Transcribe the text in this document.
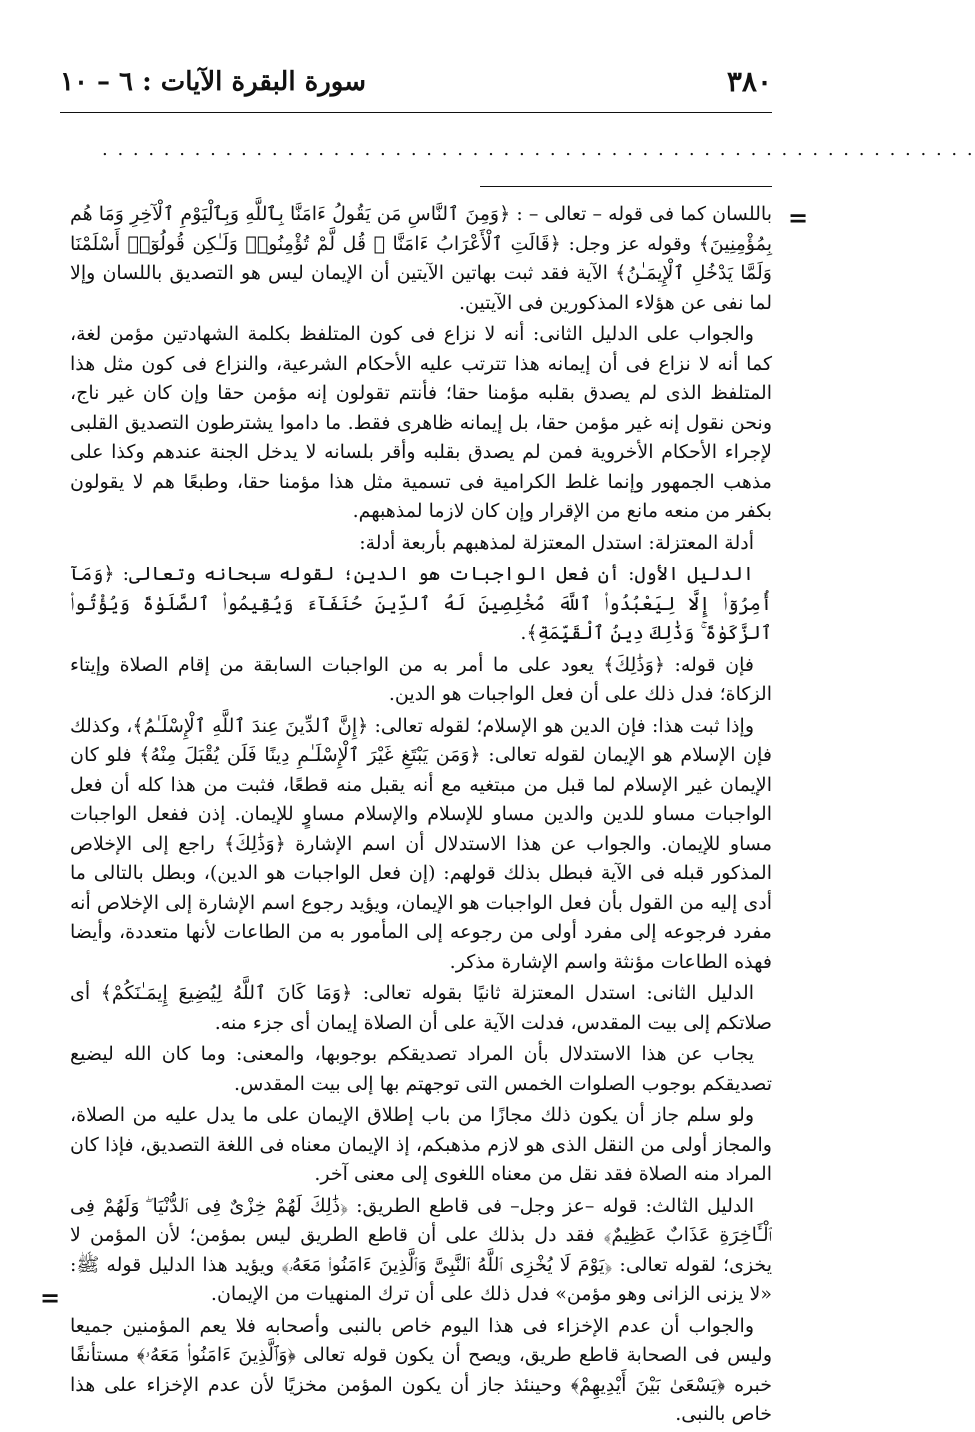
٣٨٠
سورة البقرة الآيات : ٦ – ١٠
. . . . . . . . . . . . . . . . . . . . . . . . . . . . . . . . . . . . . . . . . . . . . . . . . . . . . . . . .
=

باللسان كما فى قوله – تعالى – : ﴿وَمِنَ ٱلنَّاسِ مَن يَقُولُ ءَامَنَّا بِٱللَّهِ وَبِٱلْيَوْمِ ٱلْآخِرِ وَمَا هُم بِمُؤْمِنِينَ﴾ وقوله عز وجل: ﴿قَالَتِ ٱلْأَعْرَابُ ءَامَنَّا ۖ قُل لَّمْ تُؤْمِنُوا۟ وَلَـٰكِن قُولُوٓا۟ أَسْلَمْنَا وَلَمَّا يَدْخُلِ ٱلْإِيمَـٰنُ﴾ الآية فقد ثبت بهاتين الآيتين أن الإيمان ليس هو التصديق باللسان وإلا لما نفى عن هؤلاء المذكورين فى الآيتين.

والجواب على الدليل الثانى: أنه لا نزاع فى كون المتلفظ بكلمة الشهادتين مؤمن لغة، كما أنه لا نزاع فى أن إيمانه هذا تترتب عليه الأحكام الشرعية، والنزاع فى كون مثل هذا المتلفظ الذى لم يصدق بقلبه مؤمنا حقا؛ فأنتم تقولون إنه مؤمن حقا وإن كان غير ناج، ونحن نقول إنه غير مؤمن حقا، بل إيمانه ظاهرى فقط. ما داموا يشترطون التصديق القلبى لإجراء الأحكام الأخروية فمن لم يصدق بقلبه وأقر بلسانه لا يدخل الجنة عندهم وكذا على مذهب الجمهور وإنما غلط الكرامية فى تسمية مثل هذا مؤمنا حقا، وطبعًا هم لا يقولون بكفر من منعه مانع من الإقرار وإن كان لازما لمذهبهم.

أدلة المعتزلة: استدل المعتزلة لمذهبهم بأربعة أدلة:

الدليل الأول: أن فعل الواجبات هو الدين؛ لقوله سبحانه وتعالى: ﴿وَمَآ أُمِرُوٓا۟ إِلَّا لِيَعْبُدُوا۟ ٱللَّهَ مُخْلِصِينَ لَهُ ٱلدِّينَ حُنَفَآءَ وَيُقِيمُوا۟ ٱلصَّلَوٰةَ وَيُؤْتُوا۟ ٱلزَّكَوٰةَ ۚ وَذَٰلِكَ دِينُ ٱلْقَيِّمَةِ﴾.

فإن قوله: ﴿وَذَٰلِكَ﴾ يعود على ما أمر به من الواجبات السابقة من إقام الصلاة وإيتاء الزكاة؛ فدل ذلك على أن فعل الواجبات هو الدين.

وإذا ثبت هذا: فإن الدين هو الإسلام؛ لقوله تعالى: ﴿إِنَّ ٱلدِّينَ عِندَ ٱللَّهِ ٱلْإِسْلَـٰمُ﴾، وكذلك فإن الإسلام هو الإيمان لقوله تعالى: ﴿وَمَن يَبْتَغِ غَيْرَ ٱلْإِسْلَـٰمِ دِينًا فَلَن يُقْبَلَ مِنْهُ﴾ فلو كان الإيمان غير الإسلام لما قبل من مبتغيه مع أنه يقبل منه قطعًا، فثبت من هذا كله أن فعل الواجبات مساو للدين والدين مساو للإسلام والإسلام مساوٍ للإيمان. إذن ففعل الواجبات مساو للإيمان. والجواب عن هذا الاستدلال أن اسم الإشارة ﴿وَذَٰلِكَ﴾ راجع إلى الإخلاص المذكور قبله فى الآية فبطل بذلك قولهم: (إن فعل الواجبات هو الدين)، وبطل بالتالى ما أدى إليه من القول بأن فعل الواجبات هو الإيمان، ويؤيد رجوع اسم الإشارة إلى الإخلاص أنه مفرد فرجوعه إلى مفرد أولى من رجوعه إلى المأمور به من الطاعات لأنها متعددة، وأيضا فهذه الطاعات مؤنثة واسم الإشارة مذكر.

الدليل الثانى: استدل المعتزلة ثانيًا بقوله تعالى: ﴿وَمَا كَانَ ٱللَّهُ لِيُضِيعَ إِيمَـٰنَكُمْ﴾ أى صلاتكم إلى بيت المقدس، فدلت الآية على أن الصلاة إيمان أى جزء منه.

يجاب عن هذا الاستدلال بأن المراد تصديقكم بوجوبها، والمعنى: وما كان الله ليضيع تصديقكم بوجوب الصلوات الخمس التى توجهتم بها إلى بيت المقدس.

ولو سلم جاز أن يكون ذلك مجازًا من باب إطلاق الإيمان على ما يدل عليه من الصلاة، والمجاز أولى من النقل الذى هو لازم مذهبكم، إذ الإيمان معناه فى اللغة التصديق، فإذا كان المراد منه الصلاة فقد نقل من معناه اللغوى إلى معنى آخر.

الدليل الثالث: قوله –عز وجل– فى قاطع الطريق: ﴿ذَٰلِكَ لَهُمْ خِزْىٌ فِى ٱلدُّنْيَا ۖ وَلَهُمْ فِى ٱلْـَٔاخِرَةِ عَذَابٌ عَظِيمٌ﴾ فقد دل بذلك على أن قاطع الطريق ليس بمؤمن؛ لأن المؤمن لا يخزى؛ لقوله تعالى: ﴿يَوْمَ لَا يُخْزِى ٱللَّهُ ٱلنَّبِىَّ وَٱلَّذِينَ ءَامَنُوا۟ مَعَهُۥ﴾ ويؤيد هذا الدليل قوله ﷺ: «لا يزنى الزانى وهو مؤمن» فدل ذلك على أن ترك المنهيات من الإيمان.

والجواب أن عدم الإخزاء فى هذا اليوم خاص بالنبى وأصحابه فلا يعم المؤمنين جميعا وليس فى الصحابة قاطع طريق، ويصح أن يكون قوله تعالى ﴿وَٱلَّذِينَ ءَامَنُوا۟ مَعَهُۥ﴾ مستأنفًا خبره ﴿يَسْعَىٰ بَيْنَ أَيْدِيهِمْ﴾ وحينئذ جاز أن يكون المؤمن مخزيًا لأن عدم الإخزاء على هذا خاص بالنبى.

=
